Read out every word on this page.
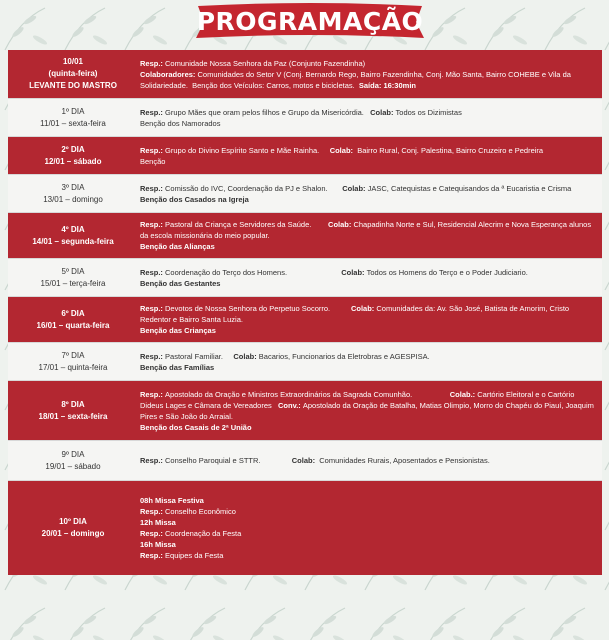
PROGRAMAÇÃO
10/01
(quinta-feira)
LEVANTE DO MASTRO
Resp.: Comunidade Nossa Senhora da Paz (Conjunto Fazendinha)
Colaboradores: Comunidades do Setor V (Conj. Bernardo Rego, Bairro Fazendinha, Conj. Mão Santa, Bairro COHEBE e Vila da Solidariedade.  Benção dos Veículos: Carros, motos e bicicletas.  Saída: 16:30min
1º DIA
11/01 – sexta-feira
Resp.: Grupo Mães que oram pelos filhos e Grupo da Misericórdia.   Colab: Todos os Dizimistas
Benção dos Namorados
2º DIA
12/01 – sábado
Resp.: Grupo do Divino Espírito Santo e Mãe Rainha.     Colab:  Bairro Rural, Conj. Palestina, Bairro Cruzeiro e Pedreira
Benção
3º DIA
13/01 – domingo
Resp.: Comissão do IVC, Coordenação da PJ e Shalon.       Colab: JASC, Catequistas e Catequisandos da ª Eucaristia e Crisma
Benção dos Casados na Igreja
4º DIA
14/01 – segunda-feira
Resp.: Pastoral da Criança e Servidores da Saúde.        Colab: Chapadinha Norte e Sul, Residencial Alecrim e Nova Esperança alunos da escola missionária do meio popular.
Benção das Alianças
5º DIA
15/01 – terça-feira
Resp.: Coordenação do Terço dos Homens.                          Colab: Todos os Homens do Terço e o Poder Judiciario.
Benção das Gestantes
6º DIA
16/01 – quarta-feira
Resp.: Devotos de Nossa Senhora do Perpetuo Socorro.          Colab: Comunidades da: Av. São José, Batista de Amorim, Cristo Redentor e Bairro Santa Luzia.
Benção das Crianças
7º DIA
17/01 – quinta-feira
Resp.: Pastoral Familiar.     Colab: Bacarios, Funcionarios da Eletrobras e AGESPISA.
Benção das Famílias
8º DIA
18/01 – sexta-feira
Resp.: Apostolado da Oração e Ministros Extraordinários da Sagrada Comunhão.                  Colab.: Cartório Eleitoral e o Cartório Dideus Lages e Câmara de Vereadores   Conv.: Apostolado da Oração de Batalha, Matias Olimpio, Morro do Chapéu do Piauí, Joaquim Pires e São João do Arraial.
Benção dos Casais de 2ª União
9º DIA
19/01 – sábado
Resp.: Conselho Paroquial e STTR.               Colab:  Comunidades Rurais, Aposentados e Pensionistas.
10º DIA
20/01 – domingo
08h Missa Festiva
Resp.: Conselho Econômico
12h Missa
Resp.: Coordenação da Festa
16h Missa
Resp.: Equipes da Festa
